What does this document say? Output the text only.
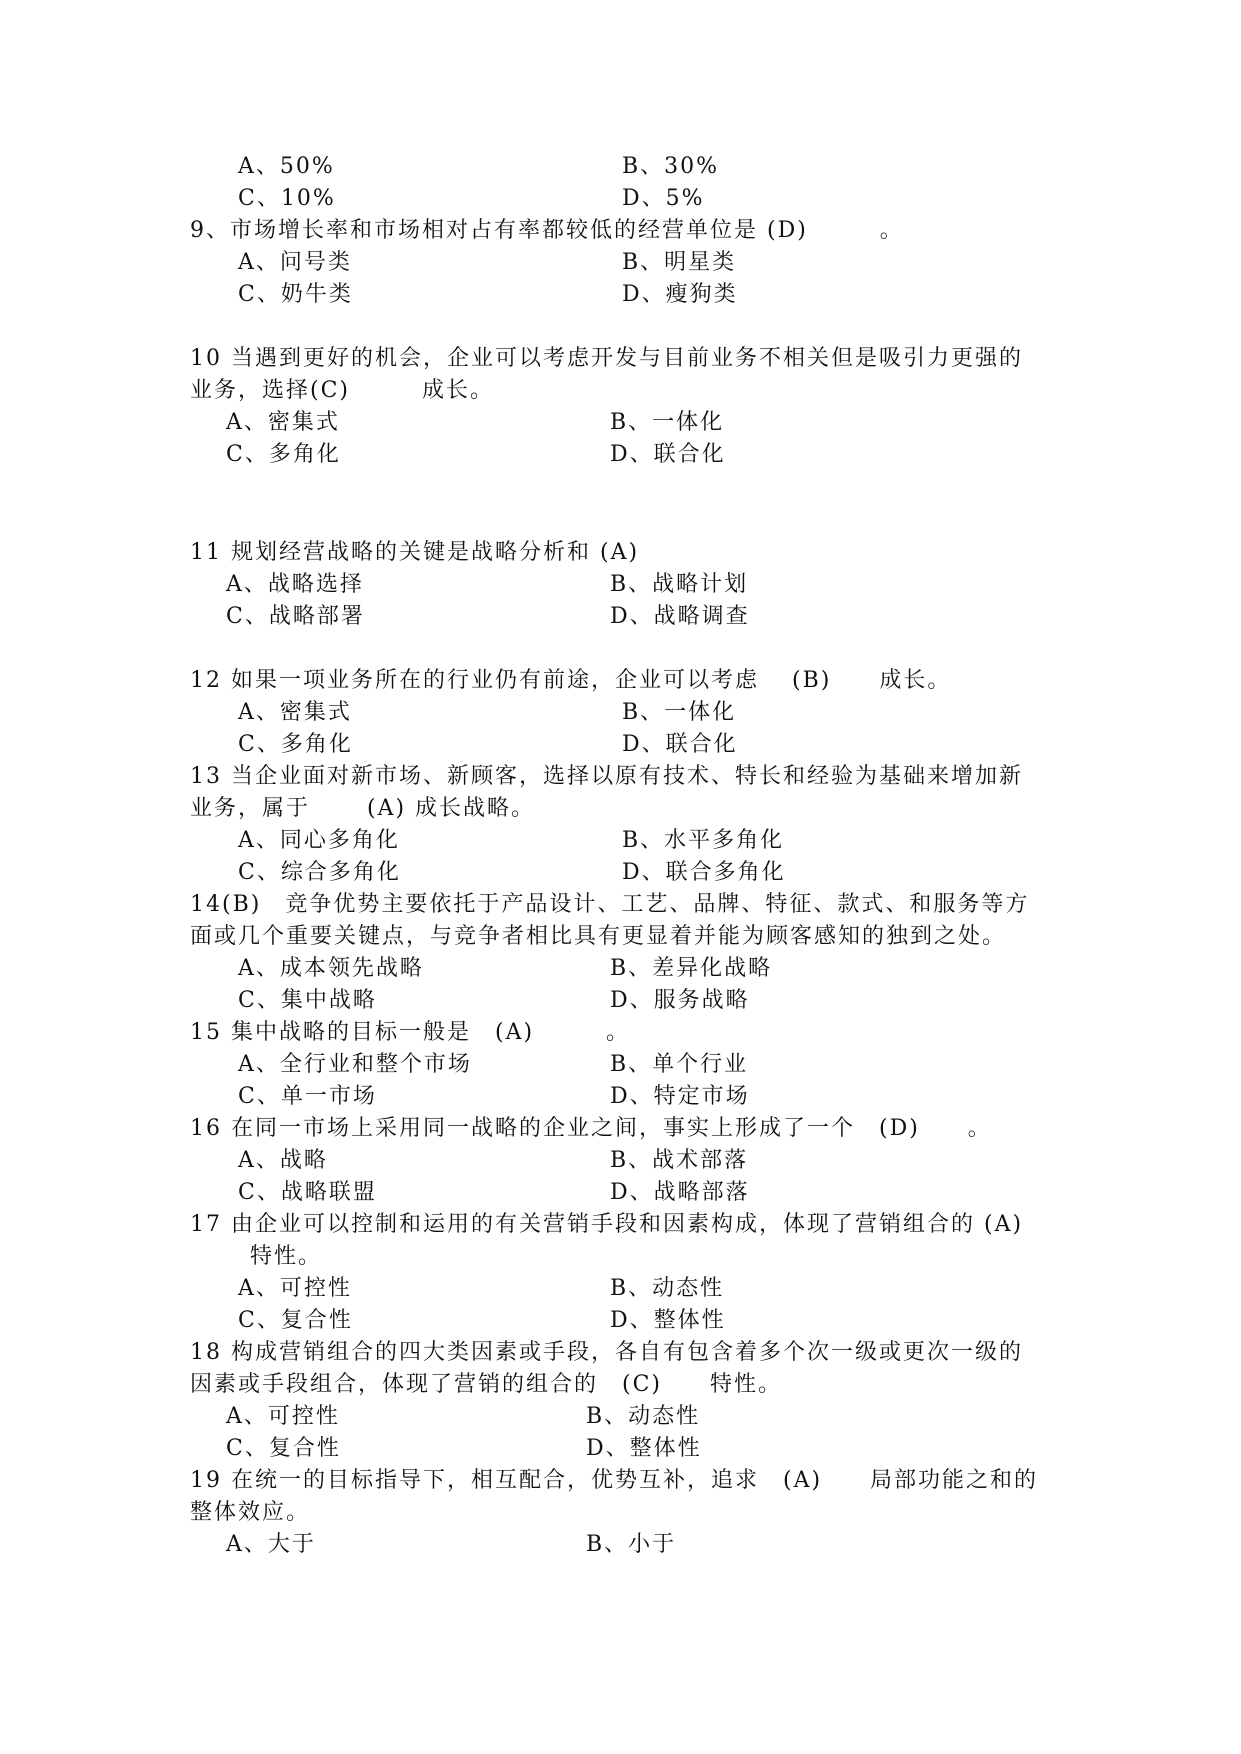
A、50%	B、30%
C、10%	D、5%
9、市场增长率和市场相对占有率都较低的经营单位是 (D)　　　。
A、问号类	B、明星类
C、奶牛类	D、瘦狗类
10 当遇到更好的机会，企业可以考虑开发与目前业务不相关但是吸引力更强的
业务，选择(C)　　　成长。
A、密集式	B、一体化
C、多角化	D、联合化
11 规划经营战略的关键是战略分析和 (A)
A、战略选择	B、战略计划
C、战略部署	D、战略调查
12 如果一项业务所在的行业仍有前途，企业可以考虑　 (B)　　成长。
A、密集式	B、一体化
C、多角化	D、联合化
13 当企业面对新市场、新顾客，选择以原有技术、特长和经验为基础来增加新
业务，属于　　 (A) 成长战略。
A、同心多角化	B、水平多角化
C、综合多角化	D、联合多角化
14(B)　竞争优势主要依托于产品设计、工艺、品牌、特征、款式、和服务等方
面或几个重要关键点，与竞争者相比具有更显着并能为顾客感知的独到之处。
A、成本领先战略	B、差异化战略
C、集中战略	D、服务战略
15 集中战略的目标一般是　(A)　　　。
A、全行业和整个市场	B、单个行业
C、单一市场	D、特定市场
16 在同一市场上采用同一战略的企业之间，事实上形成了一个　(D)　　。
A、战略	B、战术部落
C、战略联盟	D、战略部落
17 由企业可以控制和运用的有关营销手段和因素构成，体现了营销组合的 (A)
特性。
A、可控性	B、动态性
C、复合性	D、整体性
18 构成营销组合的四大类因素或手段，各自有包含着多个次一级或更次一级的
因素或手段组合，体现了营销的组合的　(C)　　特性。
A、可控性	B、动态性
C、复合性	D、整体性
19 在统一的目标指导下，相互配合，优势互补，追求　(A)　　局部功能之和的
整体效应。
A、大于	B、小于
